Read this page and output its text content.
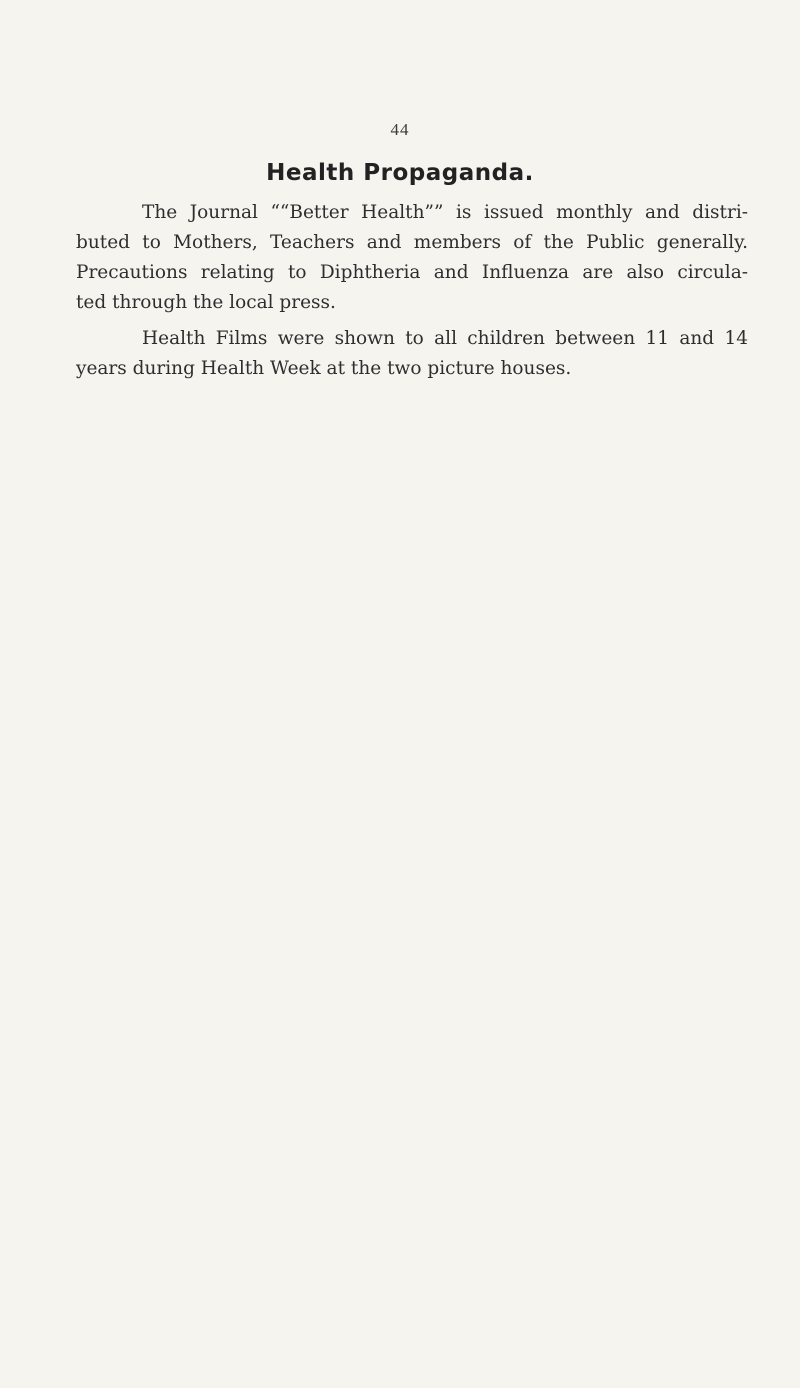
44
Health Propaganda.
The Journal ““Better Health”” is issued monthly and distri-
buted to Mothers, Teachers and members of the Public generally.
Precautions relating to Diphtheria and Influenza are also circula-
ted through the local press.
Health Films were shown to all children between 11 and 14
years during Health Week at the two picture houses.
